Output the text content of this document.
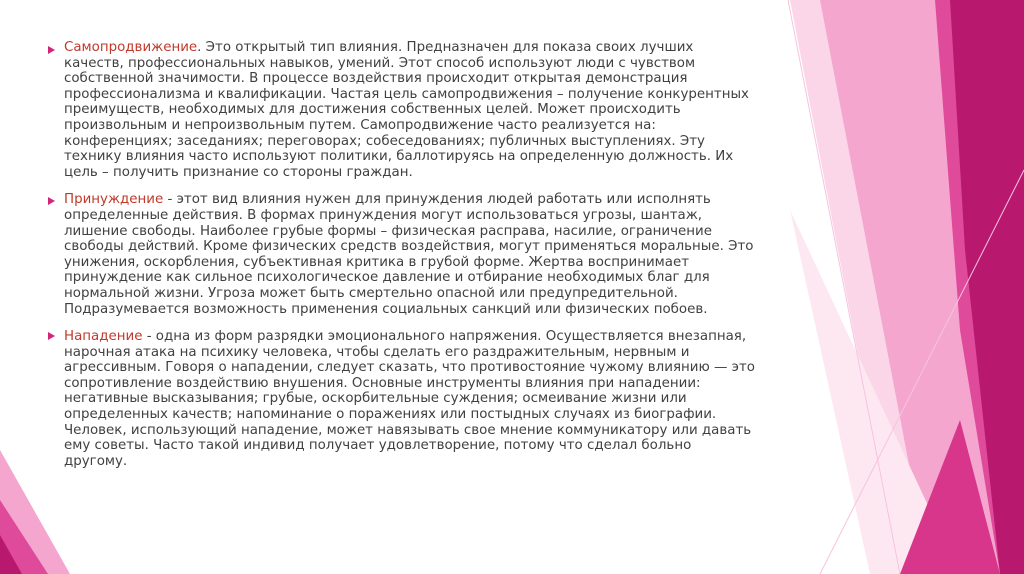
Самопродвижение. Это открытый тип влияния. Предназначен для показа своих лучших качеств, профессиональных навыков, умений. Этот способ используют люди с чувством собственной значимости. В процессе воздействия происходит открытая демонстрация профессионализма и квалификации. Частая цель самопродвижения – получение конкурентных преимуществ, необходимых для достижения собственных целей. Может происходить произвольным и непроизвольным путем. Самопродвижение часто реализуется на: конференциях; заседаниях; переговорах; собеседованиях; публичных выступлениях. Эту технику влияния часто используют политики, баллотируясь на определенную должность. Их цель – получить признание со стороны граждан.

Принуждение - этот вид влияния нужен для принуждения людей работать или исполнять определенные действия. В формах принуждения могут использоваться угрозы, шантаж, лишение свободы. Наиболее грубые формы – физическая расправа, насилие, ограничение свободы действий. Кроме физических средств воздействия, могут применяться моральные. Это унижения, оскорбления, субъективная критика в грубой форме. Жертва воспринимает принуждение как сильное психологическое давление и отбирание необходимых благ для нормальной жизни. Угроза может быть смертельно опасной или предупредительной. Подразумевается возможность применения социальных санкций или физических побоев.

Нападение - одна из форм разрядки эмоционального напряжения. Осуществляется внезапная, нарочная атака на психику человека, чтобы сделать его раздражительным, нервным и агрессивным. Говоря о нападении, следует сказать, что противостояние чужому влиянию — это сопротивление воздействию внушения. Основные инструменты влияния при нападении: негативные высказывания; грубые, оскорбительные суждения; осмеивание жизни или определенных качеств; напоминание о поражениях или постыдных случаях из биографии. Человек, использующий нападение, может навязывать свое мнение коммуникатору или давать ему советы. Часто такой индивид получает удовлетворение, потому что сделал больно другому.
